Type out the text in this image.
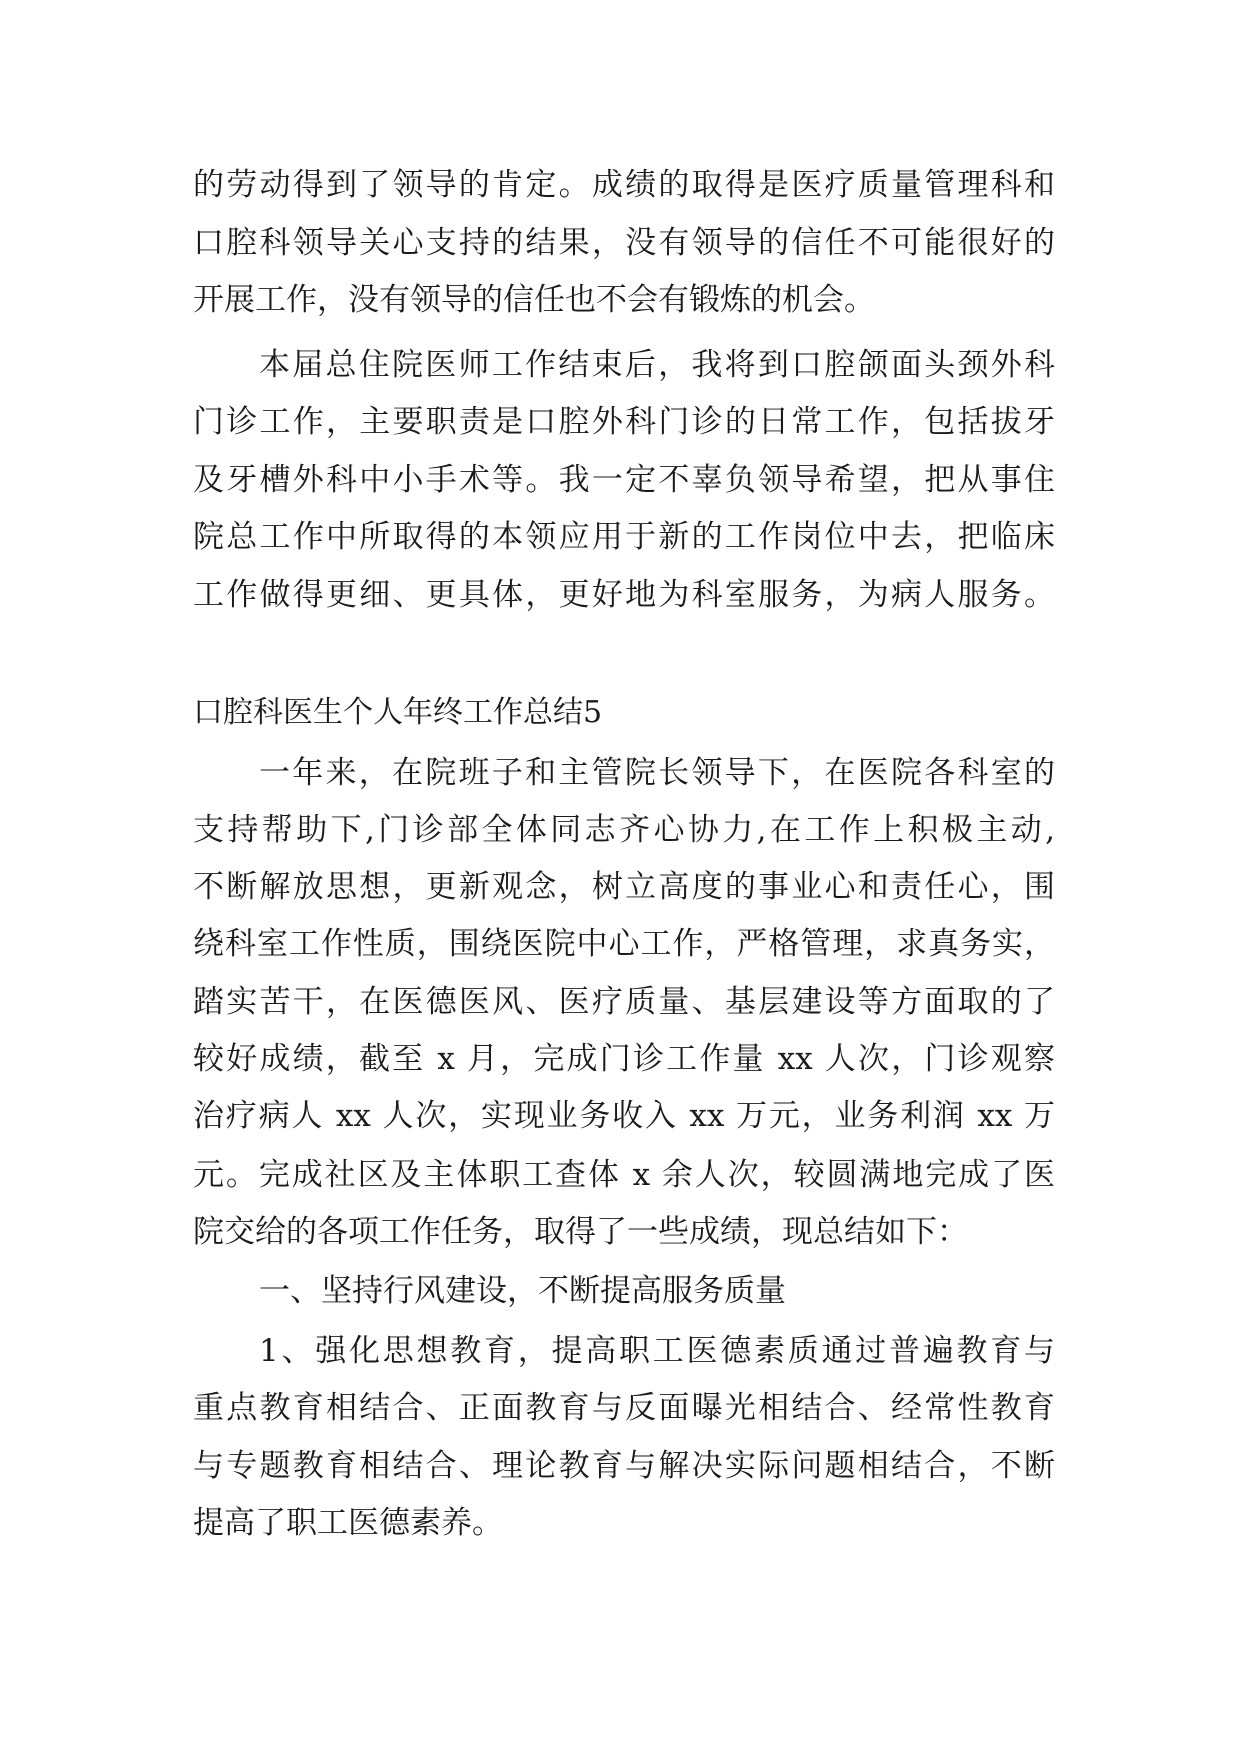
的劳动得到了领导的肯定。成绩的取得是医疗质量管理科和
口腔科领导关心支持的结果，没有领导的信任不可能很好的
开展工作，没有领导的信任也不会有锻炼的机会。
本届总住院医师工作结束后，我将到口腔颌面头颈外科
门诊工作，主要职责是口腔外科门诊的日常工作，包括拔牙
及牙槽外科中小手术等。我一定不辜负领导希望，把从事住
院总工作中所取得的本领应用于新的工作岗位中去，把临床
工作做得更细、更具体，更好地为科室服务，为病人服务。
口腔科医生个人年终工作总结5
一年来，在院班子和主管院长领导下，在医院各科室的
支持帮助下,门诊部全体同志齐心协力,在工作上积极主动,
不断解放思想，更新观念，树立高度的事业心和责任心，围
绕科室工作性质，围绕医院中心工作，严格管理，求真务实，
踏实苦干，在医德医风、医疗质量、基层建设等方面取的了
较好成绩，截至 x 月，完成门诊工作量 xx 人次，门诊观察
治疗病人 xx 人次，实现业务收入 xx 万元，业务利润 xx 万
元。完成社区及主体职工查体 x 余人次，较圆满地完成了医
院交给的各项工作任务，取得了一些成绩，现总结如下：
一、坚持行风建设，不断提高服务质量
1、强化思想教育，提高职工医德素质通过普遍教育与
重点教育相结合、正面教育与反面曝光相结合、经常性教育
与专题教育相结合、理论教育与解决实际问题相结合，不断
提高了职工医德素养。
